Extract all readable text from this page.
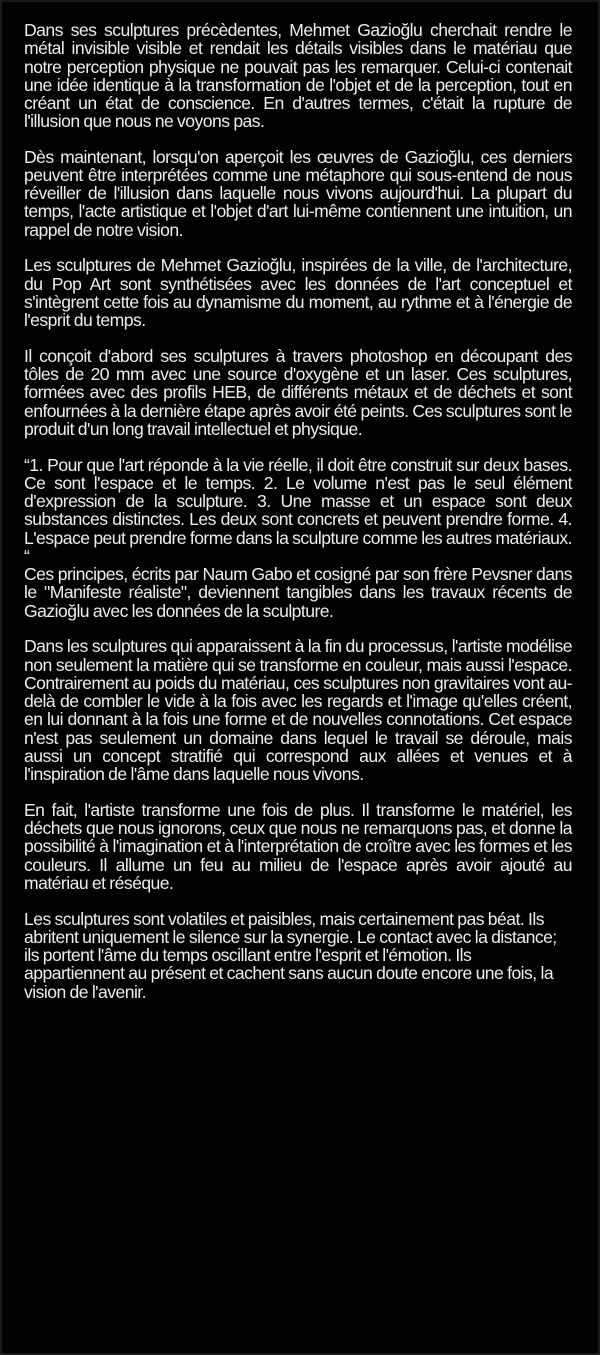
Dans ses sculptures précèdentes, Mehmet Gazioğlu cherchait rendre le métal invisible visible et rendait les détails visibles dans le matériau que notre perception physique ne pouvait pas les remarquer. Celui-ci contenait une idée identique à la transformation de l'objet et de la perception, tout en créant un état de conscience. En d'autres termes, c'était la rupture de l'illusion que nous ne voyons pas.

Dès maintenant, lorsqu'on aperçoit les œuvres de Gazioğlu, ces derniers peuvent être interprétées comme une métaphore qui sous-entend de nous réveiller de l'illusion dans laquelle nous vivons aujourd'hui. La plupart du temps, l'acte artistique et l'objet d'art lui-même contiennent une intuition, un rappel de notre vision.

Les sculptures de Mehmet Gazioğlu, inspirées de la ville, de l'architecture, du Pop Art sont synthétisées avec les données de l'art conceptuel et s'intègrent cette fois au dynamisme du moment, au rythme et à l'énergie de l'esprit du temps.

Il conçoit d'abord ses sculptures à travers photoshop en découpant des tôles de 20 mm avec une source d'oxygène et un laser. Ces sculptures, formées avec des profils HEB, de différents métaux et de déchets et sont enfournées à la dernière étape après avoir été peints. Ces sculptures sont le produit d'un long travail intellectuel et physique.

“1. Pour que l'art réponde à la vie réelle, il doit être construit sur deux bases. Ce sont l'espace et le temps. 2. Le volume n'est pas le seul élément d'expression de la sculpture. 3. Une masse et un espace sont deux substances distinctes. Les deux sont concrets et peuvent prendre forme. 4. L'espace peut prendre forme dans la sculpture comme les autres matériaux. “

Ces principes, écrits par Naum Gabo et cosigné par son frère Pevsner dans le "Manifeste réaliste", deviennent tangibles dans les travaux récents de Gazioğlu avec les données de la sculpture.

Dans les sculptures qui apparaissent à la fin du processus, l'artiste modélise non seulement la matière qui se transforme en couleur, mais aussi l'espace. Contrairement au poids du matériau, ces sculptures non gravitaires vont au-delà de combler le vide à la fois avec les regards et l'image qu'elles créent, en lui donnant à la fois une forme et de nouvelles connotations. Cet espace n'est pas seulement un domaine dans lequel le travail se déroule, mais aussi un concept stratifié qui correspond aux allées et venues et à l'inspiration de l'âme dans laquelle nous vivons.

En fait, l'artiste transforme une fois de plus. Il transforme le matériel, les déchets que nous ignorons, ceux que nous ne remarquons pas, et donne la possibilité à l'imagination et à l'interprétation de croître avec les formes et les couleurs. Il allume un feu au milieu de l'espace après avoir ajouté au matériau et réséque.

Les sculptures sont volatiles et paisibles, mais certainement pas béat. Ils abritent uniquement le silence sur la synergie. Le contact avec la distance; ils portent l'âme du temps oscillant entre l'esprit et l'émotion. Ils appartiennent au présent et cachent sans aucun doute encore une fois, la vision de l'avenir.
